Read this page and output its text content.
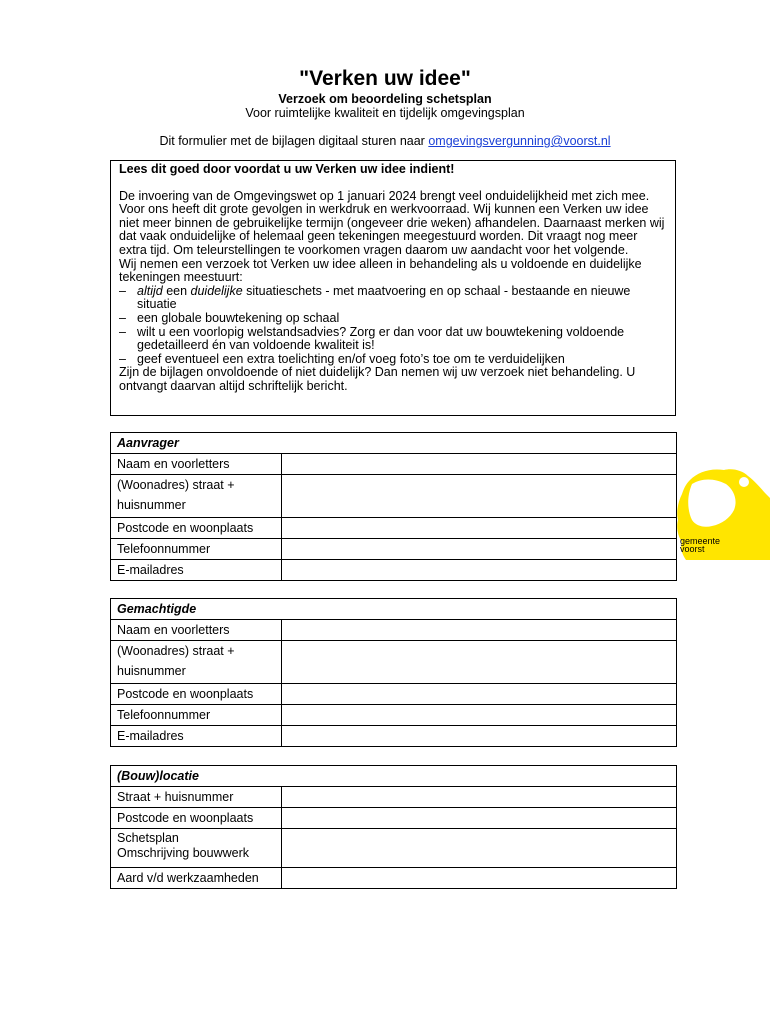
"Verken uw idee"
Verzoek om beoordeling schetsplan
Voor ruimtelijke kwaliteit en tijdelijk omgevingsplan
Dit formulier met de bijlagen digitaal sturen naar omgevingsvergunning@voorst.nl
Lees dit goed door voordat u uw Verken uw idee indient!

De invoering van de Omgevingswet op 1 januari 2024 brengt veel onduidelijkheid met zich mee. Voor ons heeft dit grote gevolgen in werkdruk en werkvoorraad. Wij kunnen een Verken uw idee niet meer binnen de gebruikelijke termijn (ongeveer drie weken) afhandelen. Daarnaast merken wij dat vaak onduidelijke of helemaal geen tekeningen meegestuurd worden. Dit vraagt nog meer extra tijd. Om teleurstellingen te voorkomen vragen daarom uw aandacht voor het volgende.

Wij nemen een verzoek tot Verken uw idee alleen in behandeling als u voldoende en duidelijke tekeningen meestuurt:

– altijd een duidelijke situatieschets - met maatvoering en op schaal - bestaande en nieuwe situatie
– een globale bouwtekening op schaal
– wilt u een voorlopig welstandsadvies? Zorg er dan voor dat uw bouwtekening voldoende gedetailleerd én van voldoende kwaliteit is!
– geef eventueel een extra toelichting en/of voeg foto’s toe om te verduidelijken

Zijn de bijlagen onvoldoende of niet duidelijk? Dan nemen wij uw verzoek niet behandeling. U ontvangt daarvan altijd schriftelijk bericht.

Aanvrager	
Naam en voorletters	
(Woonadres) straat +
huisnummer	
Postcode en woonplaats	
Telefoonnummer	
E-mailadres	
Gemachtigde	
Naam en voorletters	
(Woonadres) straat +
huisnummer	
Postcode en woonplaats	
Telefoonnummer	
E-mailadres	
(Bouw)locatie	
Straat + huisnummer	
Postcode en woonplaats	
Schetsplan
Omschrijving bouwwerk	
Aard v/d werkzaamheden	
gemeente
voorst
